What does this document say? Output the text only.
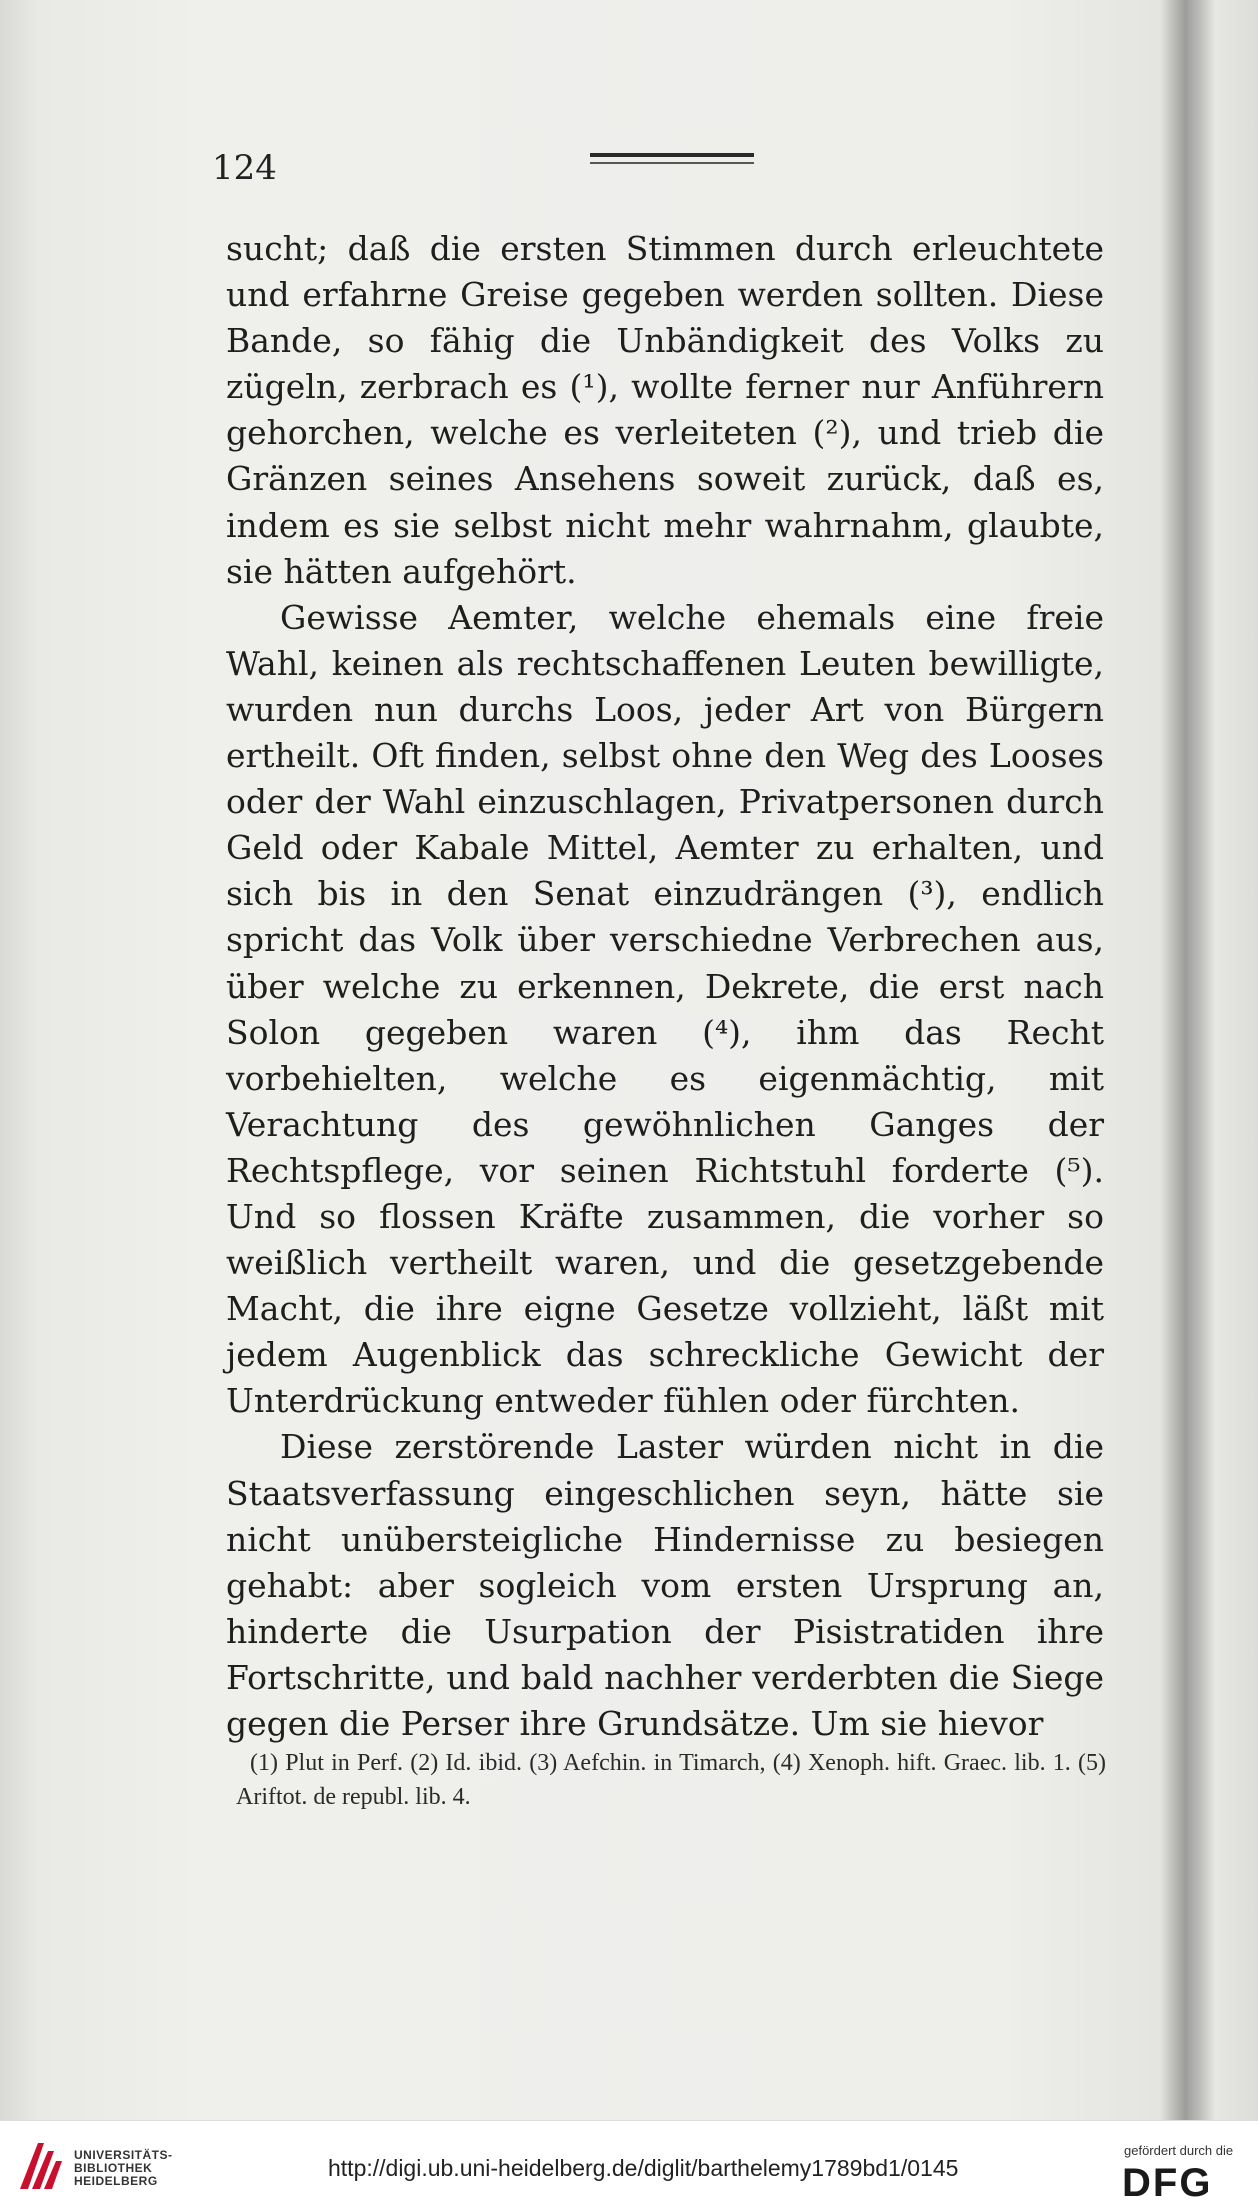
124

sucht; daß die ersten Stimmen durch erleuchtete und erfahrne Greise gegeben werden sollten. Diese Bande, so fähig die Unbändigkeit des Volks zu zügeln, zerbrach es (¹), wollte ferner nur Anführern gehorchen, welche es verleiteten (²), und trieb die Gränzen seines Ansehens soweit zurück, daß es, indem es sie selbst nicht mehr wahrnahm, glaubte, sie hätten aufgehört.

Gewisse Aemter, welche ehemals eine freie Wahl, keinen als rechtschaffenen Leuten bewilligte, wurden nun durchs Loos, jeder Art von Bürgern ertheilt. Oft finden, selbst ohne den Weg des Looses oder der Wahl einzuschlagen, Privatpersonen durch Geld oder Kabale Mittel, Aemter zu erhalten, und sich bis in den Senat einzudrängen (³), endlich spricht das Volk über verschiedne Verbrechen aus, über welche zu erkennen, Dekrete, die erst nach Solon gegeben waren (⁴), ihm das Recht vorbehielten, welche es eigenmächtig, mit Verachtung des gewöhnlichen Ganges der Rechtspflege, vor seinen Richtstuhl forderte (⁵). Und so flossen Kräfte zusammen, die vorher so weißlich vertheilt waren, und die gesetzgebende Macht, die ihre eigne Gesetze vollzieht, läßt mit jedem Augenblick das schreckliche Gewicht der Unterdrückung entweder fühlen oder fürchten.

Diese zerstörende Laster würden nicht in die Staatsverfassung eingeschlichen seyn, hätte sie nicht unübersteigliche Hindernisse zu besiegen gehabt: aber sogleich vom ersten Ursprung an, hinderte die Usurpation der Pisistratiden ihre Fortschritte, und bald nachher verderbten die Siege gegen die Perser ihre Grundsätze. Um sie hievor

(1) Plut in Perf. (2) Id. ibid. (3) Aefchin. in Timarch, (4) Xenoph. hift. Graec. lib. 1. (5) Ariftot. de republ. lib. 4.
UNIVERSITÄTS-
BIBLIOTHEK
HEIDELBERG	http://digi.ub.uni-heidelberg.de/diglit/barthelemy1789bd1/0145
gefördert durch die
DFG
